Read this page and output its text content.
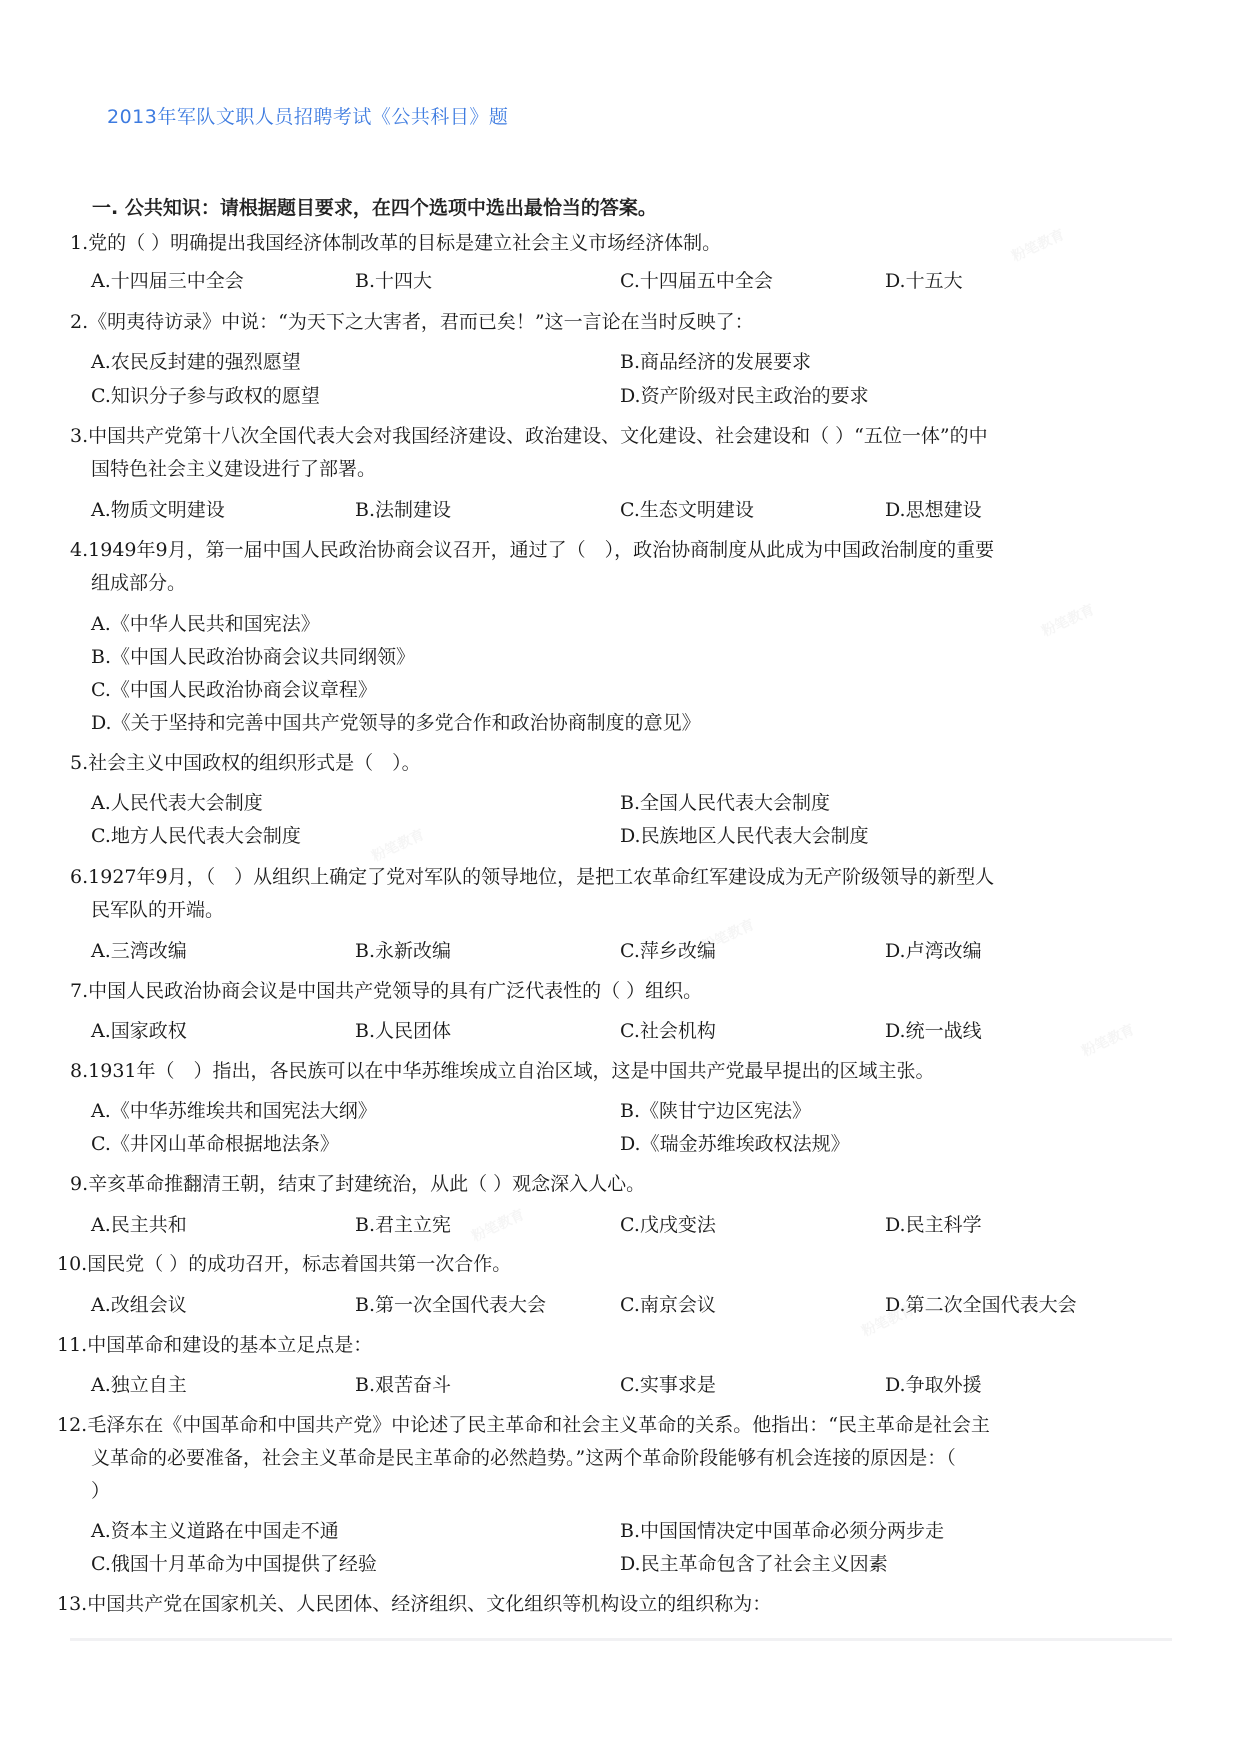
2013年军队文职人员招聘考试《公共科目》题
一. 公共知识：请根据题目要求，在四个选项中选出最恰当的答案。
1.党的（ ）明确提出我国经济体制改革的目标是建立社会主义市场经济体制。
A.十四届三中全会	B.十四大	C.十四届五中全会	D.十五大
2.《明夷待访录》中说：“为天下之大害者，君而已矣！”这一言论在当时反映了：
A.农民反封建的强烈愿望	B.商品经济的发展要求
C.知识分子参与政权的愿望	D.资产阶级对民主政治的要求
3.中国共产党第十八次全国代表大会对我国经济建设、政治建设、文化建设、社会建设和（ ）“五位一体”的中
国特色社会主义建设进行了部署。
A.物质文明建设	B.法制建设	C.生态文明建设	D.思想建设
4.1949年9月，第一届中国人民政治协商会议召开，通过了（　），政治协商制度从此成为中国政治制度的重要
组成部分。
A.《中华人民共和国宪法》
B.《中国人民政治协商会议共同纲领》
C.《中国人民政治协商会议章程》
D.《关于坚持和完善中国共产党领导的多党合作和政治协商制度的意见》
5.社会主义中国政权的组织形式是（　）。
A.人民代表大会制度	B.全国人民代表大会制度
C.地方人民代表大会制度	D.民族地区人民代表大会制度
6.1927年9月，（　）从组织上确定了党对军队的领导地位，是把工农革命红军建设成为无产阶级领导的新型人
民军队的开端。
A.三湾改编	B.永新改编	C.萍乡改编	D.卢湾改编
7.中国人民政治协商会议是中国共产党领导的具有广泛代表性的（ ）组织。
A.国家政权	B.人民团体	C.社会机构	D.统一战线
8.1931年（　）指出，各民族可以在中华苏维埃成立自治区域，这是中国共产党最早提出的区域主张。
A.《中华苏维埃共和国宪法大纲》	B.《陕甘宁边区宪法》
C.《井冈山革命根据地法条》	D.《瑞金苏维埃政权法规》
9.辛亥革命推翻清王朝，结束了封建统治，从此（ ）观念深入人心。
A.民主共和	B.君主立宪	C.戊戌变法	D.民主科学
10.国民党（ ）的成功召开，标志着国共第一次合作。
A.改组会议	B.第一次全国代表大会	C.南京会议	D.第二次全国代表大会
11.中国革命和建设的基本立足点是：
A.独立自主	B.艰苦奋斗	C.实事求是	D.争取外援
12.毛泽东在《中国革命和中国共产党》中论述了民主革命和社会主义革命的关系。他指出：“民主革命是社会主
义革命的必要准备，社会主义革命是民主革命的必然趋势。”这两个革命阶段能够有机会连接的原因是：（
）
A.资本主义道路在中国走不通	B.中国国情决定中国革命必须分两步走
C.俄国十月革命为中国提供了经验	D.民主革命包含了社会主义因素
13.中国共产党在国家机关、人民团体、经济组织、文化组织等机构设立的组织称为：
粉笔教育
粉笔教育
粉笔教育
粉笔教育
粉笔教育
粉笔教育
粉笔教育
